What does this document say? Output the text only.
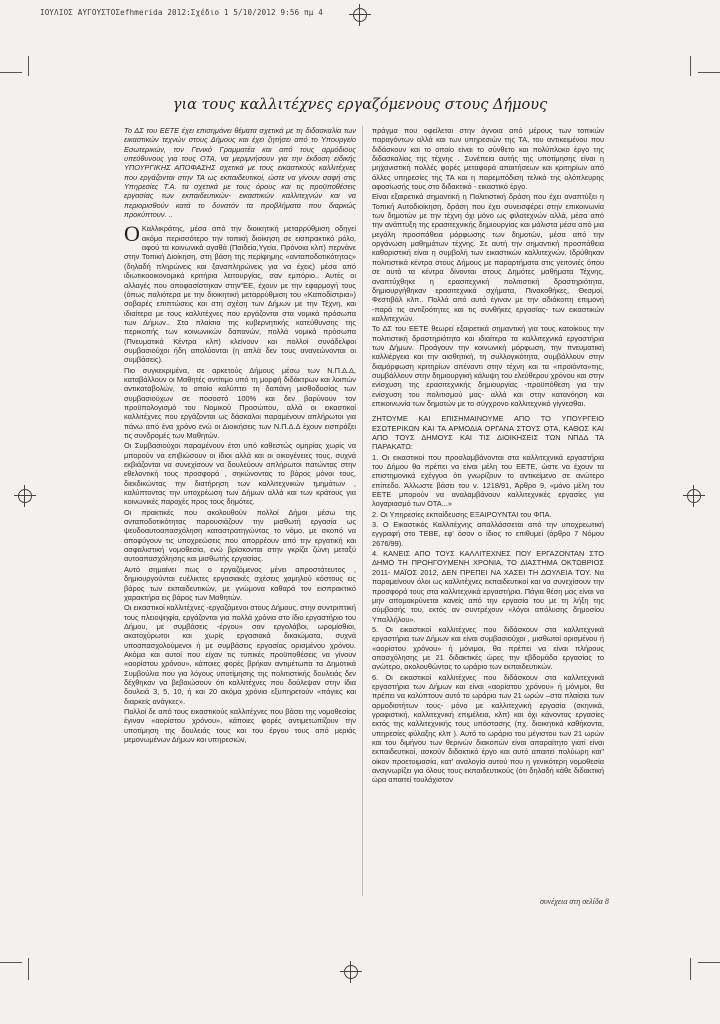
ΙΟΥΛΙΟΣ ΑΥΓΟΥΣΤΟΣefhmerida 2012:Σχέδιο 1 5/10/2012 9:56 πμ 4
για τους καλλιτέχνες εργαζόμενους στους Δήμους

Το ΔΣ του ΕΕΤΕ έχει επισημάνει θέματα σχετικά με τη διδασκαλία των εικαστικών τεχνών στους Δήμους και έχει ζητήσει από το Υπουργείο Εσωτερικών, τον Γενικό Γραμματέα και από τους αρμόδιους υπεύθυνους για τους ΟΤΑ, να μεριμνήσουν για την έκδοση ειδικής ΥΠΟΥΡΓΙΚΗΣ ΑΠΟΦΑΣΗΣ σχετικά με τους εικαστικούς καλλιτέχνες που εργάζονται στην ΤΑ ως εκπαιδευτικοί, ώστε να γίνουν σαφή στις Υπηρεσίες Τ.Α. τα σχετικά με τους όρους και τις προϋποθέσεις εργασίας των εκπαιδευτικών- εικαστικών καλλιτεχνών και να περιορισθούν κατά το δυνατόν τα προβλήματα που διαρκώς προκύπτουν. ..

Ο Καλλικράτης, μέσα από την διοικητική μεταρρύθμιση οδηγεί ακόμα περισσότερο την τοπική διοίκηση σε εισπρακτικό ρόλο, αφού τα κοινωνικά αγαθά (Παιδεία,Υγεία, Πρόνοια κλπ) περνάνε στην Τοπική Διοίκηση, στη βάση της περίφημης «ανταποδοτικότητας» (δηλαδή πληρώνεις και ξαναπληρώνεις για να έχεις) μέσα από ιδιωτικοοικονομικά κριτήρια λειτουργίας, σαν εμπόριο.. Αυτές οι αλλαγές που αποφασίστηκαν στην"ΕΕ, έχουν με την εφαρμογή τους (όπως παλιότερα με την διοικητική μεταρρύθμιση του «Καποδίστρια») σοβαρές επιπτώσεις και στη σχέση των Δήμων με την Τέχνη, και ιδιαίτερα με τους καλλιτέχνες που εργάζονται στα νομικά πρόσωπα των Δήμων.. Στα πλαίσια της κυβερνητικής κατεύθυνσης της περικοπής των κοινωνικών δαπανών, πολλά νομικά πρόσωπα (Πνευματικά Κέντρα κλπ) κλείνουν και πολλοί συνάδελφοι συμβασιούχοι ήδη απολύονται (η απλά δεν τους ανανεώνονται οι συμβάσεις).

Πιο συγκεκριμένα, σε αρκετούς Δήμους μέσω των Ν.Π.Δ.Δ, καταβάλλουν οι Μαθητές αντίτιμο υπό τη μορφή διδάκτρων και λοιπών αντικαταβολών, το οποίο καλύπτει τη δαπάνη μισθοδοσίας των συμβασιούχων σε ποσοστό 100% και δεν βαρύνουν τον προϋπολογισμό του Νομικού Προσώπου, αλλά οι εικαστικοί καλλιτέχνες που εργάζονται ως δάσκαλοι παραμένουν απλήρωτοι για πάνω από ένα χρόνο ενώ οι Διοικήσεις των Ν.Π.Δ.Δ έχουν εισπράξει τις συνδρομές των Μαθητών.

Οι Συμβασιούχοι παραμένουν έτσι υπό καθεστώς ομηρίας χωρίς να μπορούν να επιβιώσουν οι ίδιοι αλλά και οι οικογένειες τους, συχνά εκβιάζονται να συνεχίσουν να δουλεύουν απλήρωτοι πατώντας στην εθελοντική τους προσφορά , σηκώνοντας το βάρος μόνοι τους, διεκδικώντας την διατήρηση των καλλιτεχνικών τμημάτων , καλύπτοντας την υποχρέωση των Δήμων αλλά και των κράτους για κοινωνικές παροχές προς τους δημότες.

Οι πρακτικές που ακολουθούν πολλοί Δήμοι μέσω της ανταποδοτικότητας παρουσιάζουν την μισθωτή εργασία ως ψευδοαυτοαπασχόληση καταστρατηγώντας το νόμο, με σκοπό να αποφύγουν τις υποχρεώσεις που απορρέουν από την εργατική και ασφαλιστική νομοθεσία, ενώ βρίσκονται στην γκρίζα ζώνη μεταξύ αυτοαπασχόλησης και μισθωτής εργασίας.

Αυτό σημαίνει πως ο εργαζόμενος μένει απροστάτευτος , δημιουργούνται ευέλικτες εργασιακές σχέσεις χαμηλού κόστους εις βάρος των εκπαιδευτικών, με γνώμονα καθαρά τον εισπρακτικό χαρακτήρα εις βάρος των Μαθητών.

Οι εικαστικοί καλλιτέχνες -εργαζόμενοι στους Δήμους, στην συντριπτική τους πλειοψηφία, εργάζονται για πολλά χρόνια στο ίδιο εργαστήριο του Δήμου, με συμβάσεις -έργου» σαν εργολάβοι, ωρομίσθιοι, ακατοχύρωτοι και χωρίς εργασιακά δικαιώματα, συχνά υποαπασχολούμενοι ή με συμβάσεις εργασίας ορισμένου χρόνου. Ακόμα και αυτοί που είχαν τις τυπικές προϋποθέσεις να γίνουν «αορίστου χρόνου», κάποιες φορές βρήκαν αντιμέτωπα τα Δημοτικά Συμβούλια που για λόγους υποτίμησης της πολιτιστικής δουλειάς δεν δέχθηκαν να βεβαιώσουν ότι καλλιτέχνες που δούλεψαν στην ίδια δουλειά 3, 5, 10, ή και 20 ακόμα χρόνια εξυπηρετούν «πάγιες και διαρκείς ανάγκες».

Πολλοί δε από τους εικαστικούς καλλιτέχνες που βάσει της νομοθεσίας έγιναν «αορίστου χρόνου», κάποιες φορές αντιμετωπίζουν την υποτίμηση της δουλειάς τους και του έργου τους από μεριάς μεμονωμένων Δήμων και υπηρεσιών,

πράγμα που οφείλεται στην άγνοια από μέρους των τοπικών παραγόντων αλλά και των υπηρεσιών της ΤΑ, του αντικειμένου που διδάσκουν και το οποίο είναι το σύνθετο και πολύπλοκο έργο της διδασκαλίας της τέχνης . Συνέπεια αυτής της υποτίμησης είναι η μηχανιστική πολλές φορές μεταφορά απαιτήσεων και κριτηρίων από άλλες υπηρεσίες της ΤΑ και η παρεμπόδιση τελικά της ολόπλευρης αφοσίωσής τους στο διδακτικό - εικαστικό έργο.

Είναι εξαιρετικά σημαντική η Πολιτιστική δράση που έχει αναπτύξει η Τοπική Αυτοδιοίκηση, δράση που έχει συνεισφέρει στην επικοινωνία των δημοτών με την τέχνη όχι μόνο ως φιλοτεχνών αλλά, μέσα από την ανάπτυξη της ερασιτεχνικής δημιουργίας και μάλιστα μέσα από μια μεγάλη προσπάθεια μόρφωσης των δημοτών, μέσα από την οργάνωση μαθημάτων τέχνης. Σε αυτή την σημαντική προσπάθεια καθοριστική είναι η συμβολή των εικαστικών καλλιτεχνών. Ιδρύθηκαν πολιτιστικά κέντρα στους Δήμους με παραρτήματα στις γειτονιές όπου σε αυτά τα κέντρα δίνονται στους Δημότες μαθήματα Τέχνης, αναπτύχθηκε η ερασιτεχνική πολιτιστική δραστηριότητα, δημιουργήθηκαν ερασιτεχνικά σχήματα, Πινακοθήκες, Θεσμοί, Φεστιβάλ κλπ.. Πολλά από αυτά έγιναν με την αδιάκοπη επιμονή -παρά τις αντιξοότητες και τις συνθήκες εργασίας- των εικαστικών καλλιτεχνών.

Το ΔΣ του ΕΕΤΕ θεωρεί εξαιρετικά σημαντική για τους κατοίκους την πολιτιστική δραστηριότητα και ιδιαίτερα τα καλλιτεχνικά εργαστήρια των Δήμων. Προάγουν την κοινωνική μόρφωση, την πνευματική καλλιέργεια και την αισθητική, τη συλλογικότητα, συμβάλλουν στην διαμόρφωση κριτηρίων απέναντι στην τέχνη και τα «προϊόντα»της, συμβάλλουν στην δημιουργική κάλυψη του ελεύθερου χρόνου και στην ενίσχυση της ερασιτεχνικής δημιουργίας -προϋπόθεση για την ενίσχυση του πολιτισμού μας- αλλά και στην κατανόηση και επικοινωνία των δημοτών με το σύγχρονο καλλιτεχνικό γίγνεσθαι.

ΖΗΤΟΥΜΕ ΚΑΙ ΕΠΙΣΗΜΑΙΝΟΥΜΕ ΑΠΟ ΤΟ ΥΠΟΥΡΓΕΙΟ ΕΣΩΤΕΡΙΚΩΝ ΚΑΙ ΤΑ ΑΡΜΟΔΙΑ ΟΡΓΑΝΑ ΣΤΟΥΣ ΟΤΑ, ΚΑΘΩΣ ΚΑΙ ΑΠΟ ΤΟΥΣ ΔΗΜΟΥΣ ΚΑΙ ΤΙΣ ΔΙΟΙΚΗΣΕΙΣ ΤΩΝ ΝΠΔΔ ΤΑ ΠΑΡΑΚΑΤΩ:

1. Οι εικαστικοί που προσλαμβάνονται στα καλλιτεχνικά εργαστήρια του Δήμου θα πρέπει να είναι μέλη του ΕΕΤΕ, ώστε να έχουν τα επιστημονικά εχέγγυα ότι γνωρίζουν το αντικείμενο σε ανώτερο επίπεδο. Άλλωστε βάσει του ν. 1218/91, Άρθρο 9, «μόνο μέλη του ΕΕΤΕ μπορούν να αναλαμβάνουν καλλιτεχνικές εργασίες για λογαριασμό των ΟΤΑ...»

2. Οι Υπηρεσίες εκπαίδευσης ΕΞΑΙΡΟΥΝΤΑΙ του ΦΠΑ.

3. Ο Εικαστικός Καλλιτέχνης απαλλάσσεται από την υποχρεωτική εγγραφή στο ΤΕΒΕ, εφ' όσον ο ίδιος το επιθυμεί (άρθρο 7 Νόμου 2676/99).

4. ΚΑΝΕΙΣ ΑΠΟ ΤΟΥΣ ΚΑΛΛΙΤΕΧΝΕΣ ΠΟΥ ΕΡΓΑΖΟΝΤΑΝ ΣΤΟ ΔΗΜΟ ΤΗ ΠΡΟΗΓΟΥΜΕΝΗ ΧΡΟΝΙΑ, ΤΟ ΔΙΑΣΤΗΜΑ ΟΚΤΩΒΡΙΟΣ 2011- ΜΑΪΟΣ 2012, ΔΕΝ ΠΡΕΠΕΙ ΝΑ ΧΑΣΕΙ ΤΗ ΔΟΥΛΕΙΑ ΤΟΥ. Να παραμείνουν όλοι ως καλλιτέχνες εκπαιδευτικοί και να συνεχίσουν την προσφορά τους στα καλλιτεχνικά εργαστήρια. Πάγια θέση μας είναι να μην απομακρύνεται κανείς από την εργασία του με τη λήξη της σύμβασής του, εκτός αν συντρέχουν «λόγοι απόλυσης δημοσίου Υπαλλήλου».

5. Οι εικαστικοί καλλιτέχνες που διδάσκουν στα καλλιτεχνικά εργαστήρια των Δήμων και είναι συμβασιούχοι , μισθωτοί ορισμένου ή «αορίστου χρόνου» ή μόνιμοι, θα πρέπει να είναι πλήρους απασχόλησης με 21 διδακτικές ώρες την εβδομάδα εργασίας το ανώτερο, ακολουθώντας το ωράριο των εκπαιδευτικών.

6. Οι εικαστικοί καλλιτέχνες που διδάσκουν στα καλλιτεχνικά εργαστήρια των Δήμων και είναι «αορίστου χρόνου» ή μόνιμοι, θα πρέπει να καλύπτουν αυτό το ωράριο των 21 ωρών –στα πλαίσια των αρμοδιοτήτων τους- μόνο με καλλιτεχνική εργασία (σκηνικά, γραφιστική, καλλιτεχνική επιμέλεια, κλπ) και όχι κάνοντας εργασίες εκτός της καλλιτεχνικής τους υπόστασης (πχ. διοικητικά καθήκοντα, υπηρεσίες φύλαξης κλπ ). Αυτό το ωράριο του μέγιστου των 21 ωρών και του διμήνου των θερινών διακοπών είναι απαραίτητο γιατί είναι εκπαιδευτικοί, ασκούν διδακτικό έργο και αυτό απαιτεί πολύωρη και" οίκον προετοιμασία, κατ' αναλογία αυτού που η γενικότερη νομοθεσία αναγνωρίζει για όλους τους εκπαιδευτικούς (ότι δηλαδή κάθε διδακτική ώρα απαιτεί τουλάχιστον

συνέχεια στη σελίδα 8
